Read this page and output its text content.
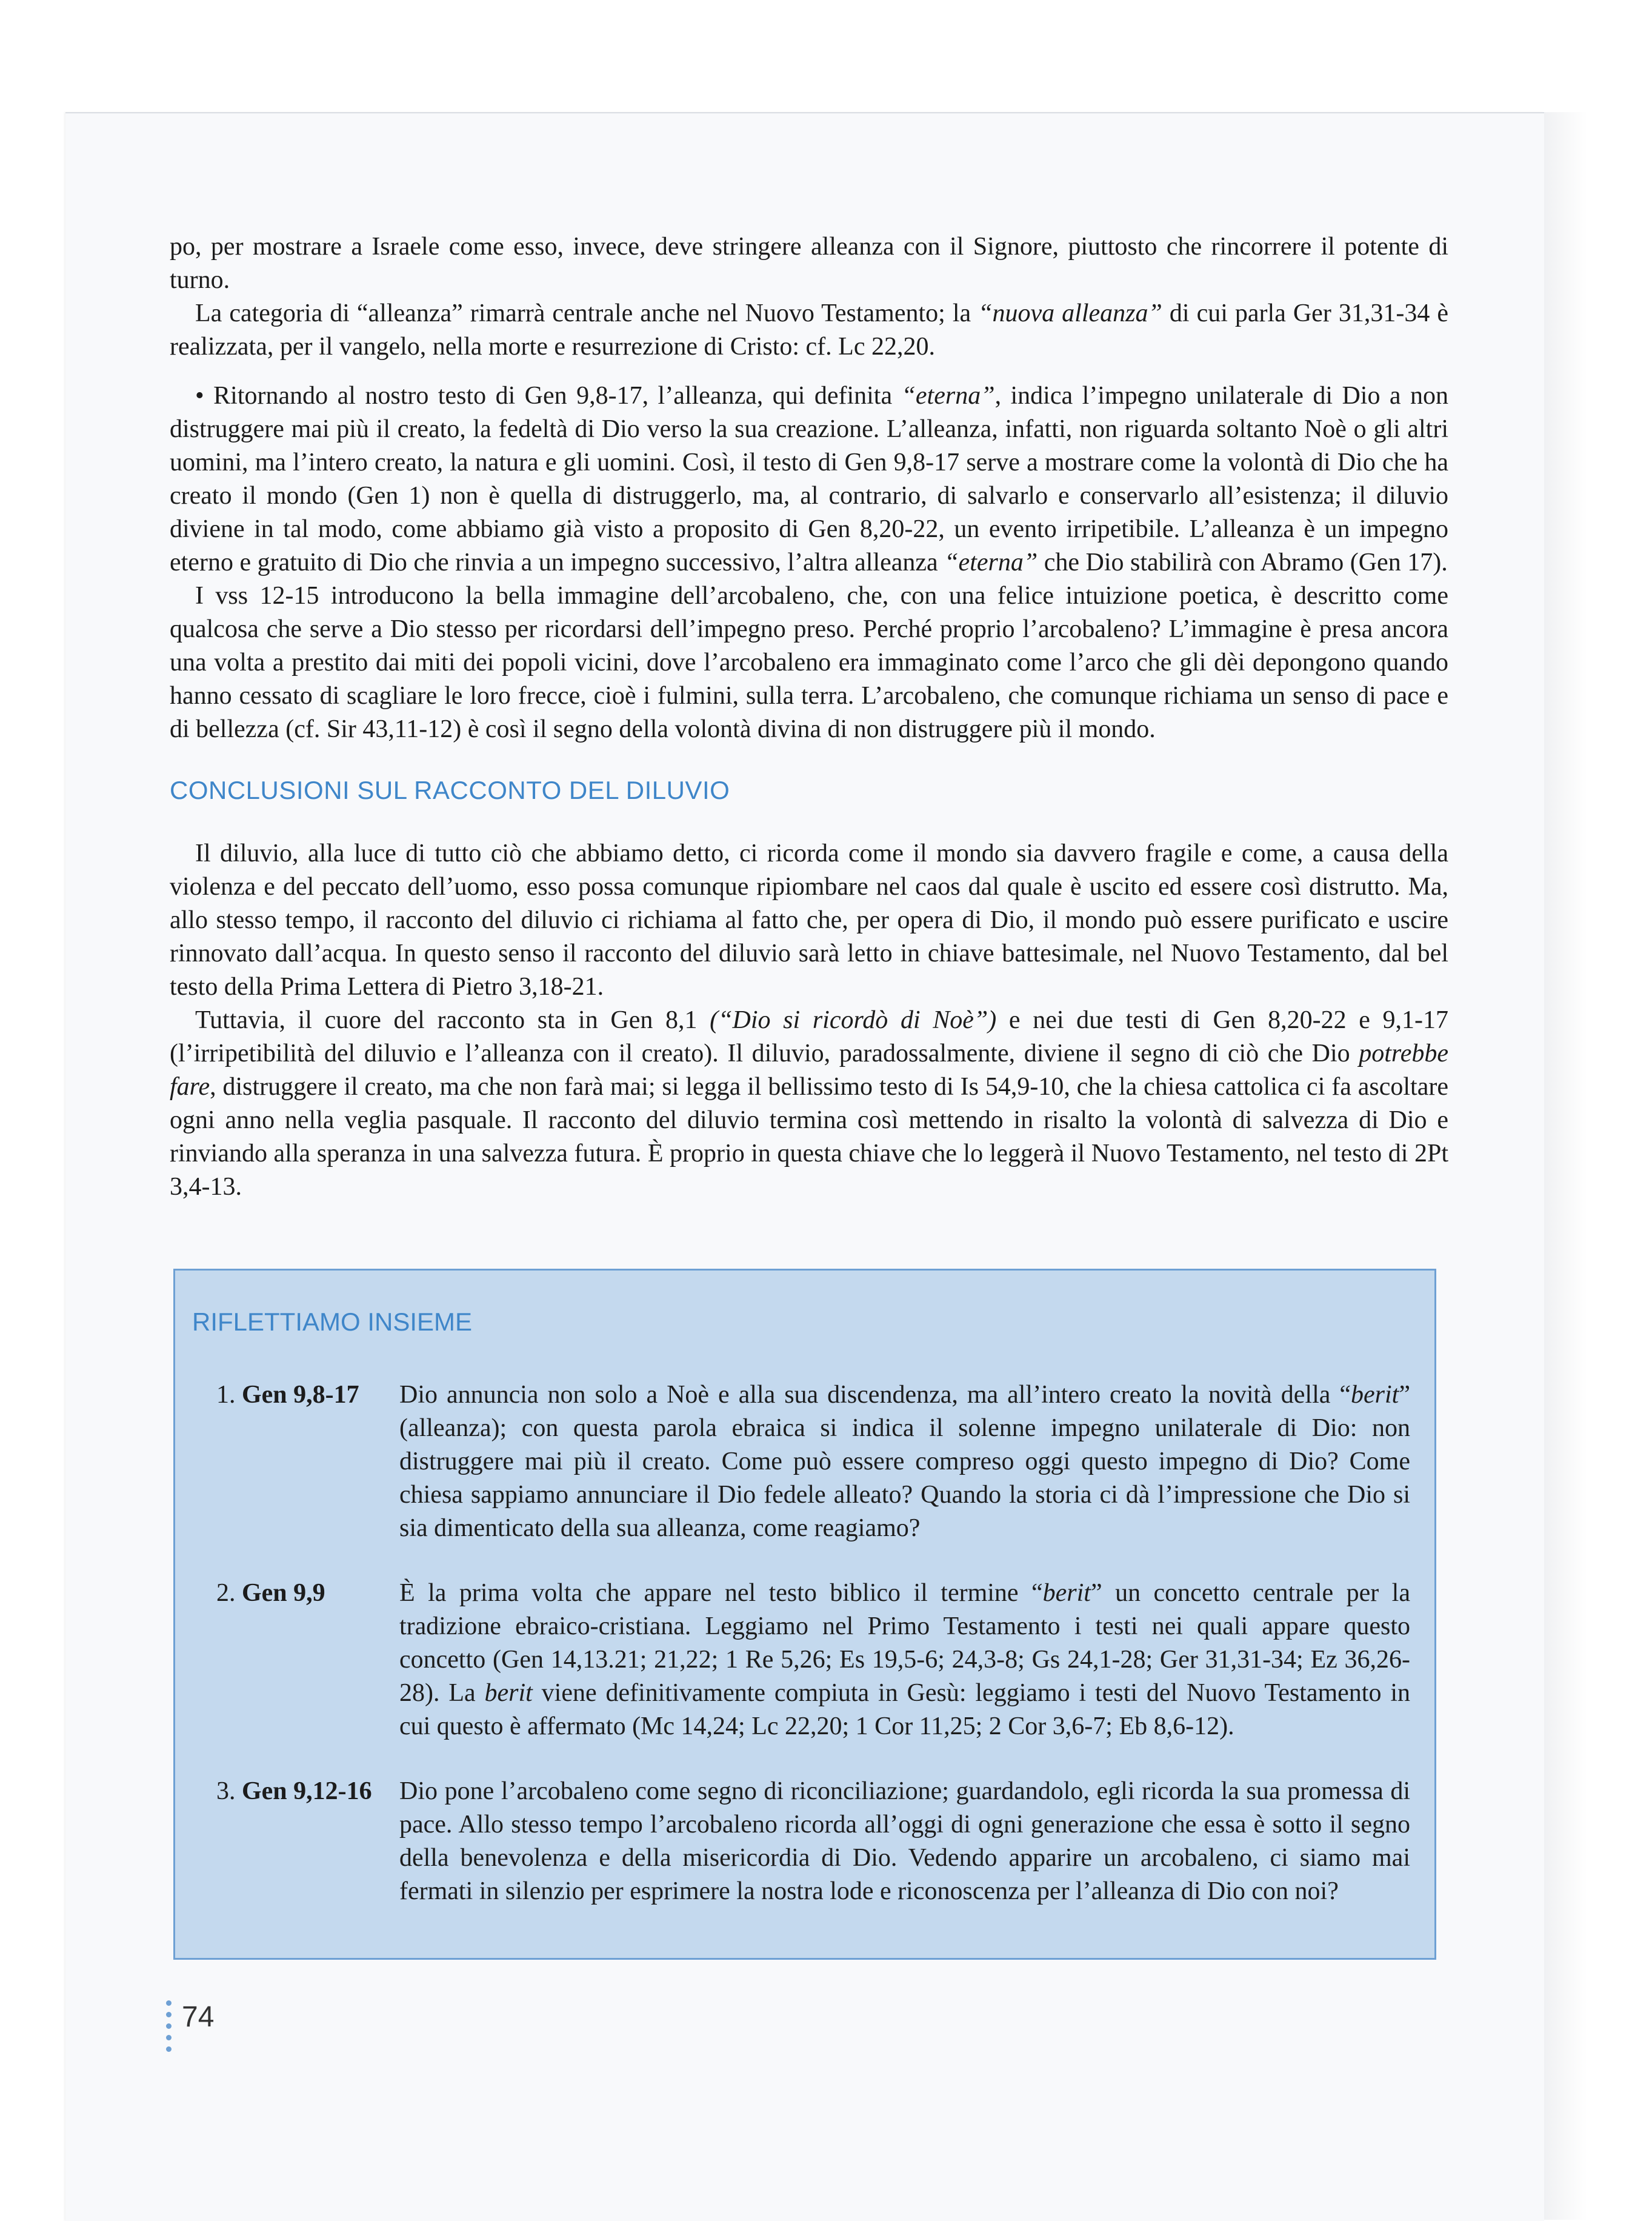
po, per mostrare a Israele come esso, invece, deve stringere alleanza con il Signore, piuttosto che rincorrere il potente di turno.

La categoria di “alleanza” rimarrà centrale anche nel Nuovo Testamento; la “nuova alleanza” di cui parla Ger 31,31-34 è realizzata, per il vangelo, nella morte e resurrezione di Cristo: cf. Lc 22,20.

• Ritornando al nostro testo di Gen 9,8-17, l’alleanza, qui definita “eterna”, indica l’impegno unilaterale di Dio a non distruggere mai più il creato, la fedeltà di Dio verso la sua creazione. L’alleanza, infatti, non riguarda soltanto Noè o gli altri uomini, ma l’intero creato, la natura e gli uomini. Così, il testo di Gen 9,8-17 serve a mostrare come la volontà di Dio che ha creato il mondo (Gen 1) non è quella di distruggerlo, ma, al contrario, di salvarlo e conservarlo all’esistenza; il diluvio diviene in tal modo, come abbiamo già visto a proposito di Gen 8,20-22, un evento irripetibile. L’alleanza è un impegno eterno e gratuito di Dio che rinvia a un impegno successivo, l’altra alleanza “eterna” che Dio stabilirà con Abramo (Gen 17).

I vss 12-15 introducono la bella immagine dell’arcobaleno, che, con una felice intuizione poetica, è descritto come qualcosa che serve a Dio stesso per ricordarsi dell’impegno preso. Perché proprio l’arcobaleno? L’immagine è presa ancora una volta a prestito dai miti dei popoli vicini, dove l’arcobaleno era immaginato come l’arco che gli dèi depongono quando hanno cessato di scagliare le loro frecce, cioè i fulmini, sulla terra. L’arcobaleno, che comunque richiama un senso di pace e di bellezza (cf. Sir 43,11-12) è così il segno della volontà divina di non distruggere più il mondo.

CONCLUSIONI SUL RACCONTO DEL DILUVIO

Il diluvio, alla luce di tutto ciò che abbiamo detto, ci ricorda come il mondo sia davvero fragile e come, a causa della violenza e del peccato dell’uomo, esso possa comunque ripiombare nel caos dal quale è uscito ed essere così distrutto. Ma, allo stesso tempo, il racconto del diluvio ci richiama al fatto che, per opera di Dio, il mondo può essere purificato e uscire rinnovato dall’acqua. In questo senso il racconto del diluvio sarà letto in chiave battesimale, nel Nuovo Testamento, dal bel testo della Prima Lettera di Pietro 3,18-21.

Tuttavia, il cuore del racconto sta in Gen 8,1 (“Dio si ricordò di Noè”) e nei due testi di Gen 8,20-22 e 9,1-17 (l’irripetibilità del diluvio e l’alleanza con il creato). Il diluvio, paradossalmente, diviene il segno di ciò che Dio potrebbe fare, distruggere il creato, ma che non farà mai; si legga il bellissimo testo di Is 54,9-10, che la chiesa cattolica ci fa ascoltare ogni anno nella veglia pasquale. Il racconto del diluvio termina così mettendo in risalto la volontà di salvezza di Dio e rinviando alla speranza in una salvezza futura. È proprio in questa chiave che lo leggerà il Nuovo Testamento, nel testo di 2Pt 3,4-13.

RIFLETTIAMO INSIEME
1. Gen 9,8-17	Dio annuncia non solo a Noè e alla sua discendenza, ma all’intero creato la novità della “berit” (alleanza); con questa parola ebraica si indica il solenne impegno unilaterale di Dio: non distruggere mai più il creato. Come può essere compreso oggi questo impegno di Dio? Come chiesa sappiamo annunciare il Dio fedele alleato? Quando la storia ci dà l’impressione che Dio si sia dimenticato della sua alleanza, come reagiamo?
2. Gen 9,9	È la prima volta che appare nel testo biblico il termine “berit” un concetto centrale per la tradizione ebraico-cristiana. Leggiamo nel Primo Testamento i testi nei quali appare questo concetto (Gen 14,13.21; 21,22; 1 Re 5,26; Es 19,5-6; 24,3-8; Gs 24,1-28; Ger 31,31-34; Ez 36,26-28). La berit viene definitivamente compiuta in Gesù: leggiamo i testi del Nuovo Testamento in cui questo è affermato (Mc 14,24; Lc 22,20; 1 Cor 11,25; 2 Cor 3,6-7; Eb 8,6-12).
3. Gen 9,12-16	Dio pone l’arcobaleno come segno di riconciliazione; guardandolo, egli ricorda la sua promessa di pace. Allo stesso tempo l’arcobaleno ricorda all’oggi di ogni generazione che essa è sotto il segno della benevolenza e della misericordia di Dio. Vedendo apparire un arcobaleno, ci siamo mai fermati in silenzio per esprimere la nostra lode e riconoscenza per l’alleanza di Dio con noi?
74
